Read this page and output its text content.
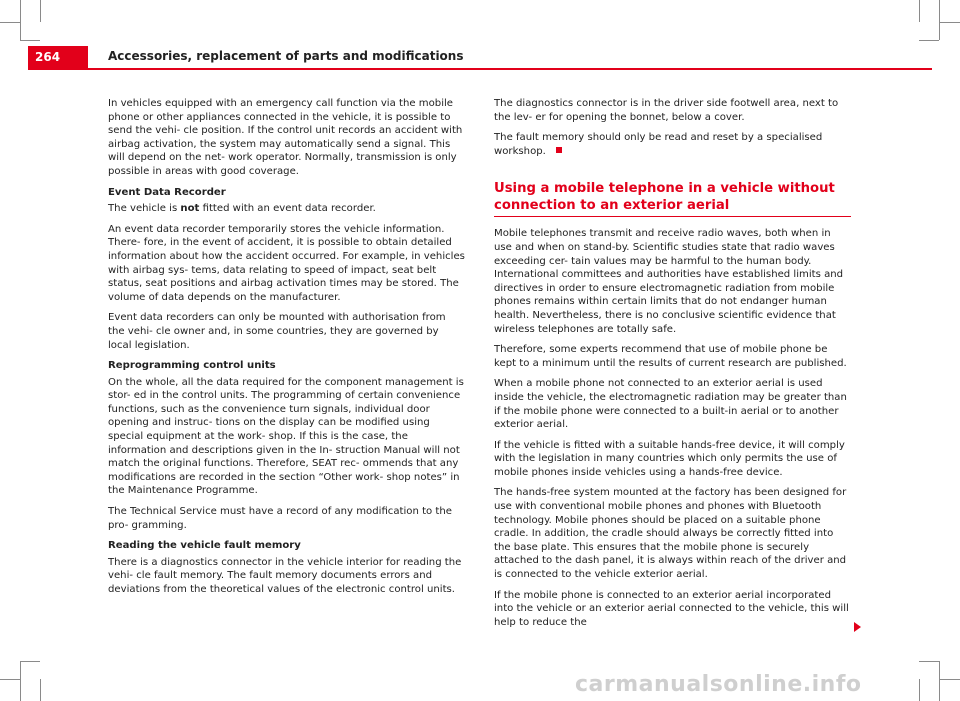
264	Accessories, replacement of parts and modifications

In vehicles equipped with an emergency call function via the mobile phone or other appliances connected in the vehicle, it is possible to send the vehi- cle position. If the control unit records an accident with airbag activation, the system may automatically send a signal. This will depend on the net- work operator. Normally, transmission is only possible in areas with good coverage.

Event Data Recorder

The vehicle is not fitted with an event data recorder.

An event data recorder temporarily stores the vehicle information. There- fore, in the event of accident, it is possible to obtain detailed information about how the accident occurred. For example, in vehicles with airbag sys- tems, data relating to speed of impact, seat belt status, seat positions and airbag activation times may be stored. The volume of data depends on the manufacturer.

Event data recorders can only be mounted with authorisation from the vehi- cle owner and, in some countries, they are governed by local legislation.

Reprogramming control units

On the whole, all the data required for the component management is stor- ed in the control units. The programming of certain convenience functions, such as the convenience turn signals, individual door opening and instruc- tions on the display can be modified using special equipment at the work- shop. If this is the case, the information and descriptions given in the In- struction Manual will not match the original functions. Therefore, SEAT rec- ommends that any modifications are recorded in the section “Other work- shop notes” in the Maintenance Programme.

The Technical Service must have a record of any modification to the pro- gramming.

Reading the vehicle fault memory

There is a diagnostics connector in the vehicle interior for reading the vehi- cle fault memory. The fault memory documents errors and deviations from the theoretical values of the electronic control units.

The diagnostics connector is in the driver side footwell area, next to the lev- er for opening the bonnet, below a cover.

The fault memory should only be read and reset by a specialised workshop.

Using a mobile telephone in a vehicle without connection to an exterior aerial

Mobile telephones transmit and receive radio waves, both when in use and when on stand-by. Scientific studies state that radio waves exceeding cer- tain values may be harmful to the human body. International committees and authorities have established limits and directives in order to ensure electromagnetic radiation from mobile phones remains within certain limits that do not endanger human health. Nevertheless, there is no conclusive scientific evidence that wireless telephones are totally safe.

Therefore, some experts recommend that use of mobile phone be kept to a minimum until the results of current research are published.

When a mobile phone not connected to an exterior aerial is used inside the vehicle, the electromagnetic radiation may be greater than if the mobile phone were connected to a built-in aerial or to another exterior aerial.

If the vehicle is fitted with a suitable hands-free device, it will comply with the legislation in many countries which only permits the use of mobile phones inside vehicles using a hands-free device.

The hands-free system mounted at the factory has been designed for use with conventional mobile phones and phones with Bluetooth technology. Mobile phones should be placed on a suitable phone cradle. In addition, the cradle should always be correctly fitted into the base plate. This ensures that the mobile phone is securely attached to the dash panel, it is always within reach of the driver and is connected to the vehicle exterior aerial.

If the mobile phone is connected to an exterior aerial incorporated into the vehicle or an exterior aerial connected to the vehicle, this will help to reduce the

carmanualsonline.info
